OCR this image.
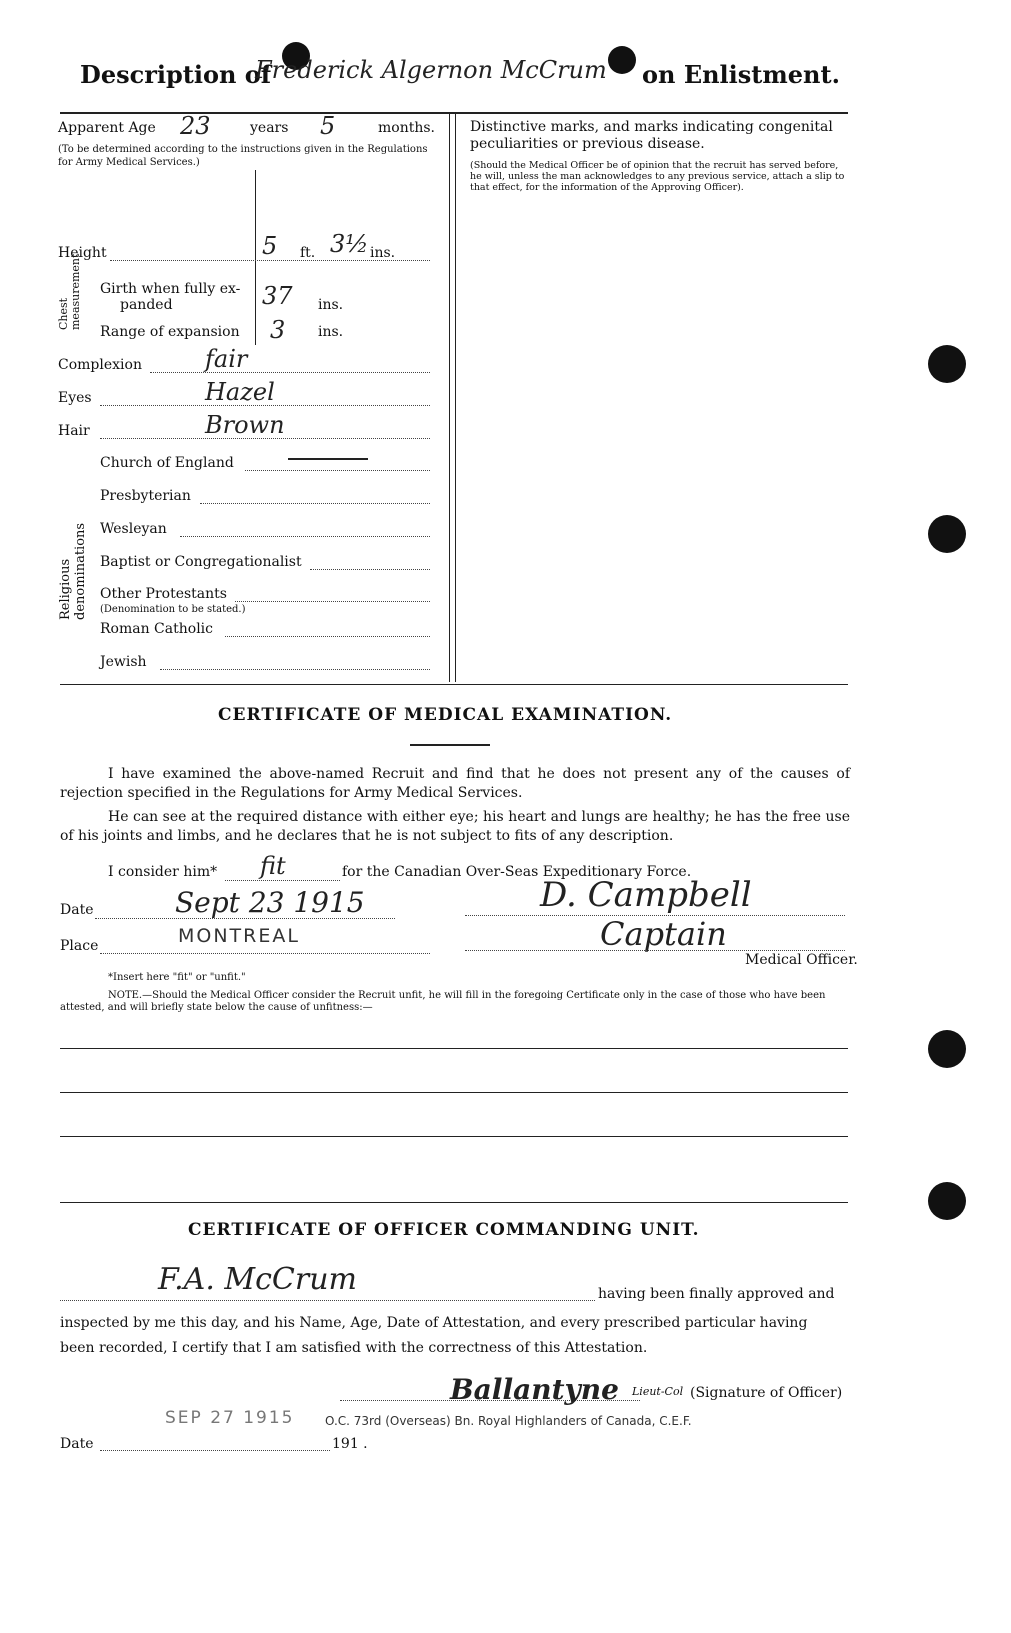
Description of
Frederick Algernon McCrum on Enlistment.
Apparent Age 23	years 5	months.
(To be determined according to the instructions given in the Regulations for Army Medical Services.)
Height	5 ft. 3½ ins.
Chest measurement Girth when fully ex-
panded	37 ins.
Range of expansion 3 ins.
Complexion	fair
Eyes	Hazel
Hair	Brown
Religious denominations
Church of England
Presbyterian
Wesleyan
Baptist or Congregationalist
Other Protestants
(Denomination to be stated.)
Roman Catholic
Jewish
Distinctive marks, and marks indicating congenital peculiarities or previous disease.
(Should the Medical Officer be of opinion that the recruit has served before, he will, unless the man acknowledges to any previous service, attach a slip to that effect, for the information of the Approving Officer).
CERTIFICATE OF MEDICAL EXAMINATION.
I have examined the above-named Recruit and find that he does not present any of the causes of rejection specified in the Regulations for Army Medical Services.
He can see at the required distance with either eye; his heart and lungs are healthy; he has the free use of his joints and limbs, and he declares that he is not subject to fits of any description.
I consider him* fit	for the Canadian Over-Seas Expeditionary Force.
Date	Sept 23 1915
Place	MONTREAL
D. Campbell
Captain
Medical Officer.
*Insert here "fit" or "unfit."
NOTE.—Should the Medical Officer consider the Recruit unfit, he will fill in the foregoing Certificate only in the case of those who have been attested, and will briefly state below the cause of unfitness:—
CERTIFICATE OF OFFICER COMMANDING UNIT.
F.A. McCrum	having been finally approved and
inspected by me this day, and his Name, Age, Date of Attestation, and every prescribed particular having
been recorded, I certify that I am satisfied with the correctness of this Attestation.
Ballantyne Lieut-Col (Signature of Officer)
SEP 27 1915	O.C. 73rd (Overseas) Bn. Royal Highlanders of Canada, C.E.F.
Date	191 .
